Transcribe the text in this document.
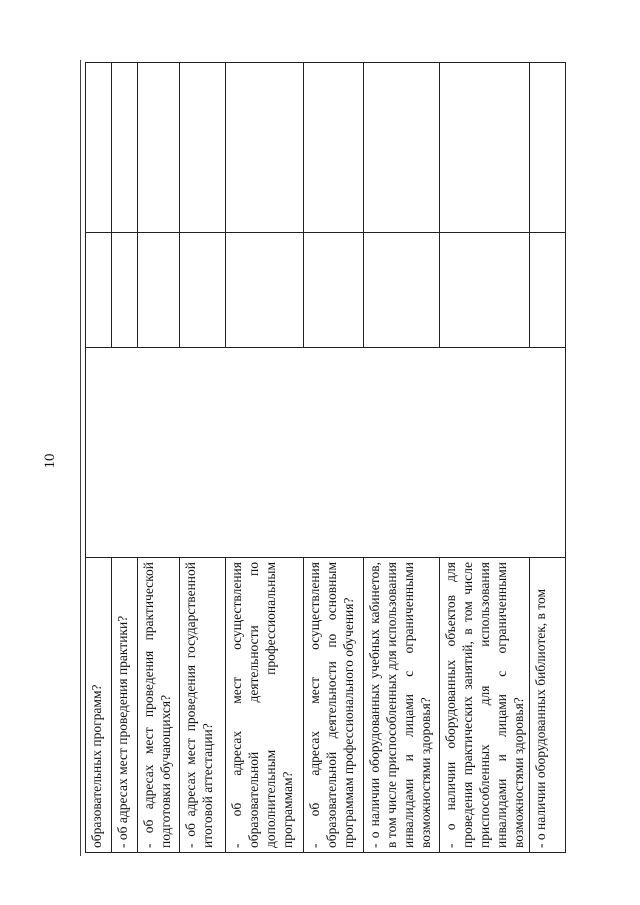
10
образовательных программ?			

- об адресах мест проведения практики?			

- об адресах мест проведения практической подготовки обучающихся?			

- об адресах мест проведения государственной итоговой аттестации?			

- об адресах мест осуществления образовательной деятельности по дополнительным профессиональным программам?			

- об адресах мест осуществления образовательной деятельности по основным программам профессионального обучения?			

- о наличии оборудованных учебных кабинетов, в том числе приспособленных для использования инвалидами и лицами с ограниченными возможностями здоровья?			

- о наличии оборудованных объектов для проведения практических занятий, в том числе приспособленных для использования инвалидами и лицами с ограниченными возможностями здоровья?			

- о наличии оборудованных библиотек, в том			
